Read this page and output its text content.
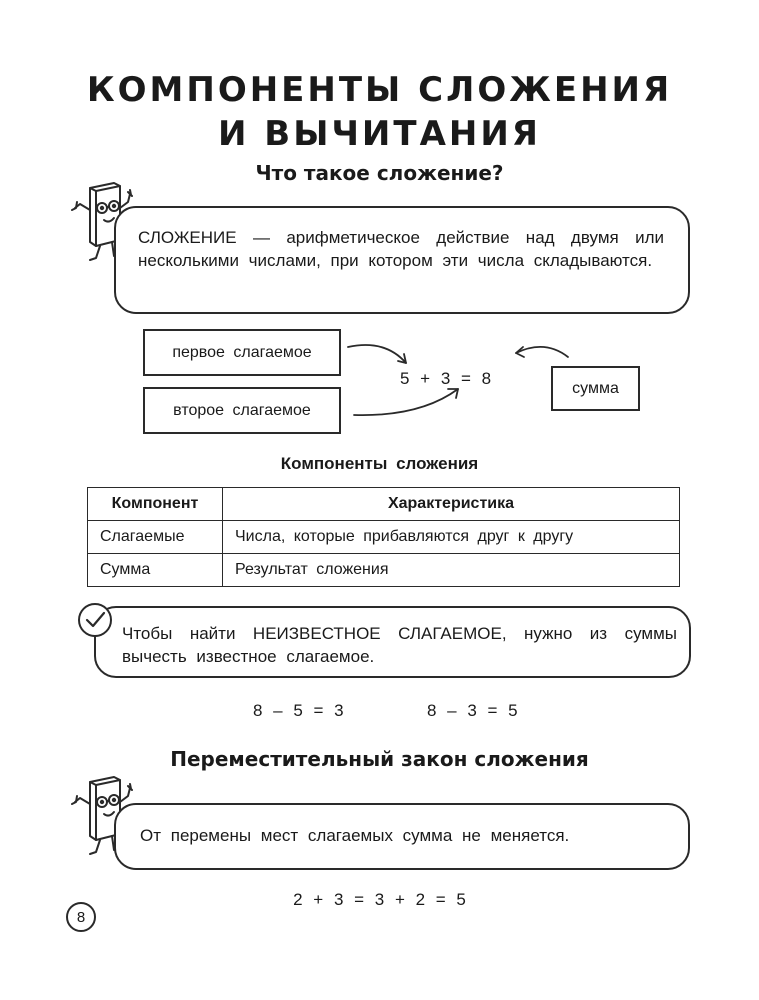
КОМПОНЕНТЫ СЛОЖЕНИЯ
И ВЫЧИТАНИЯ
Что такое сложение?
СЛОЖЕНИЕ — арифметическое действие над двумя или несколькими числами, при котором эти числа складываются.
первое слагаемое
второе слагаемое
5 + 3 = 8	сумма
Компоненты сложения
Компонент	Характеристика
Слагаемые	Числа, которые прибавляются друг к другу
Сумма	Результат сложения
Чтобы найти НЕИЗВЕСТНОЕ СЛАГАЕМОЕ, нужно из суммы вычесть известное слагаемое.
8 – 5 = 3	8 – 3 = 5
Переместительный закон сложения
От перемены мест слагаемых сумма не меняется.
2 + 3 = 3 + 2 = 5
8
